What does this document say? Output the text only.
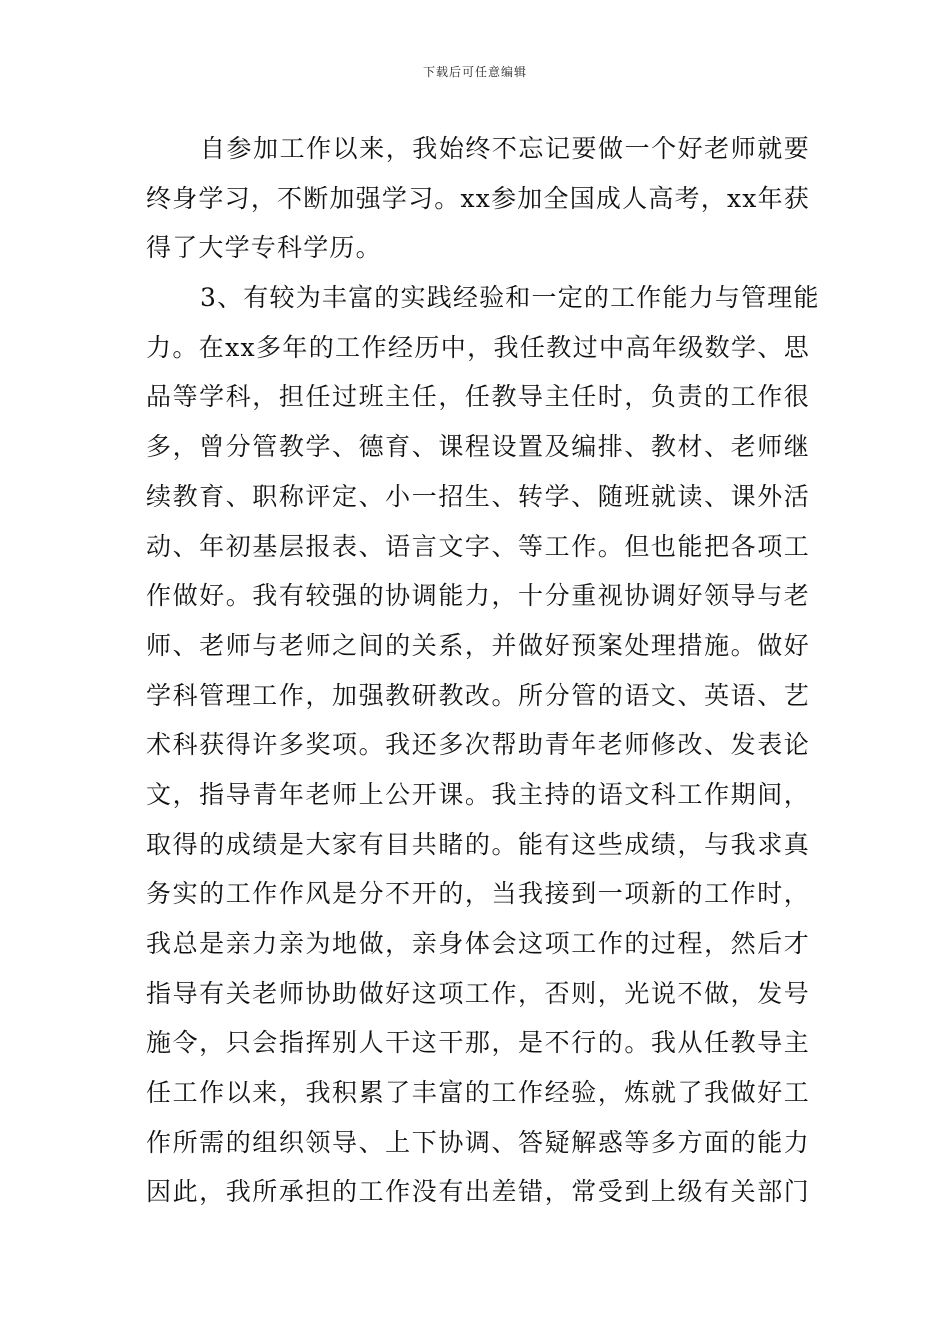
下载后可任意编辑
自参加工作以来，我始终不忘记要做一个好老师就要
终身学习，不断加强学习。xx参加全国成人高考，xx年获
得了大学专科学历。
3、有较为丰富的实践经验和一定的工作能力与管理能
力。在xx多年的工作经历中，我任教过中高年级数学、思
品等学科，担任过班主任，任教导主任时，负责的工作很
多，曾分管教学、德育、课程设置及编排、教材、老师继
续教育、职称评定、小一招生、转学、随班就读、课外活
动、年初基层报表、语言文字、等工作。但也能把各项工
作做好。我有较强的协调能力，十分重视协调好领导与老
师、老师与老师之间的关系，并做好预案处理措施。做好
学科管理工作，加强教研教改。所分管的语文、英语、艺
术科获得许多奖项。我还多次帮助青年老师修改、发表论
文，指导青年老师上公开课。我主持的语文科工作期间，
取得的成绩是大家有目共睹的。能有这些成绩，与我求真
务实的工作作风是分不开的，当我接到一项新的工作时，
我总是亲力亲为地做，亲身体会这项工作的过程，然后才
指导有关老师协助做好这项工作，否则，光说不做，发号
施令，只会指挥别人干这干那，是不行的。我从任教导主
任工作以来，我积累了丰富的工作经验，炼就了我做好工
作所需的组织领导、上下协调、答疑解惑等多方面的能力
因此，我所承担的工作没有出差错，常受到上级有关部门
